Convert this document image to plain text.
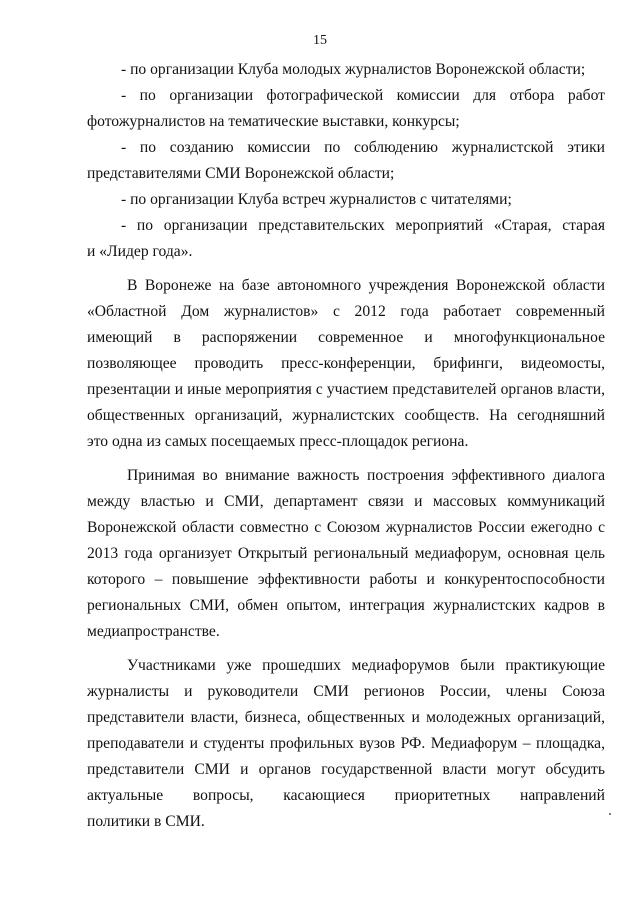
15
- по организации Клуба молодых журналистов Воронежской области;
- по организации фотографической комиссии для отбора работ
фотожурналистов на тематические выставки, конкурсы;
- по созданию комиссии по соблюдению журналистской этики
представителями СМИ Воронежской области;
- по организации Клуба встреч журналистов с читателями;
- по организации представительских мероприятий «Старая, старая
и «Лидер года».
В Воронеже на базе автономного учреждения Воронежской области
«Областной Дом журналистов» с 2012 года работает современный
имеющий в распоряжении современное и многофункциональное
позволяющее проводить пресс-конференции, брифинги, видеомосты,
презентации и иные мероприятия с участием представителей органов власти,
общественных организаций, журналистских сообществ. На сегодняшний
это одна из самых посещаемых пресс-площадок региона.
Принимая во внимание важность построения эффективного диалога
между властью и СМИ, департамент связи и массовых коммуникаций
Воронежской области совместно с Союзом журналистов России ежегодно с
2013 года организует Открытый региональный медиафорум, основная цель
которого – повышение эффективности работы и конкурентоспособности
региональных СМИ, обмен опытом, интеграция журналистских кадров в
медиапространстве.
Участниками уже прошедших медиафорумов были практикующие
журналисты и руководители СМИ регионов России, члены Союза
представители власти, бизнеса, общественных и молодежных организаций,
преподаватели и студенты профильных вузов РФ. Медиафорум – площадка,
представители СМИ и органов государственной власти могут обсудить
актуальные вопросы, касающиеся приоритетных направлений
политики в СМИ.
